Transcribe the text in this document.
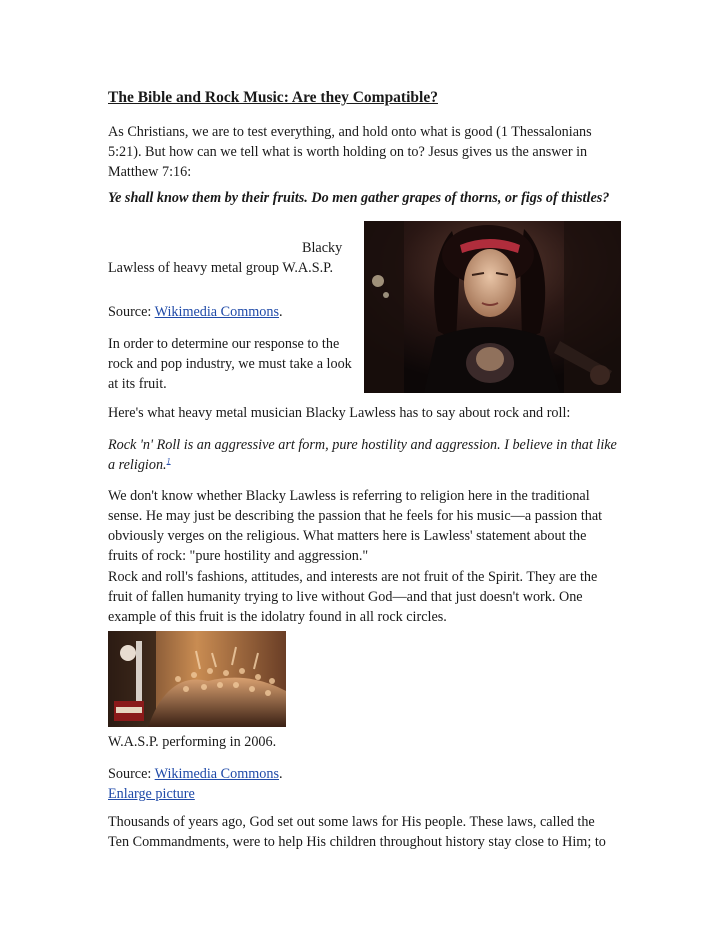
The Bible and Rock Music: Are they Compatible?
As Christians, we are to test everything, and hold onto what is good (1 Thessalonians
5:21). But how can we tell what is worth holding on to? Jesus gives us the answer in
Matthew 7:16:

Ye shall know them by their fruits. Do men gather grapes of thorns, or figs of thistles?

Blacky
Lawless of heavy metal group W.A.S.P.
Source: Wikimedia Commons.
In order to determine our response to the
rock and pop industry, we must take a look
at its fruit.

Here's what heavy metal musician Blacky Lawless has to say about rock and roll:

Rock 'n' Roll is an aggressive art form, pure hostility and aggression. I believe in that like
a religion.$^1$
We don't know whether Blacky Lawless is referring to religion here in the traditional
sense. He may just be describing the passion that he feels for his music—a passion that
obviously verges on the religious. What matters here is Lawless' statement about the
fruits of rock: "pure hostility and aggression."
Rock and roll's fashions, attitudes, and interests are not fruit of the Spirit. They are the
fruit of fallen humanity trying to live without God—and that just doesn't work. One
example of this fruit is the idolatry found in all rock circles.

W.A.S.P. performing in 2006.

Source: Wikimedia Commons.
Enlarge picture
Thousands of years ago, God set out some laws for His people. These laws, called the
Ten Commandments, were to help His children throughout history stay close to Him; to
